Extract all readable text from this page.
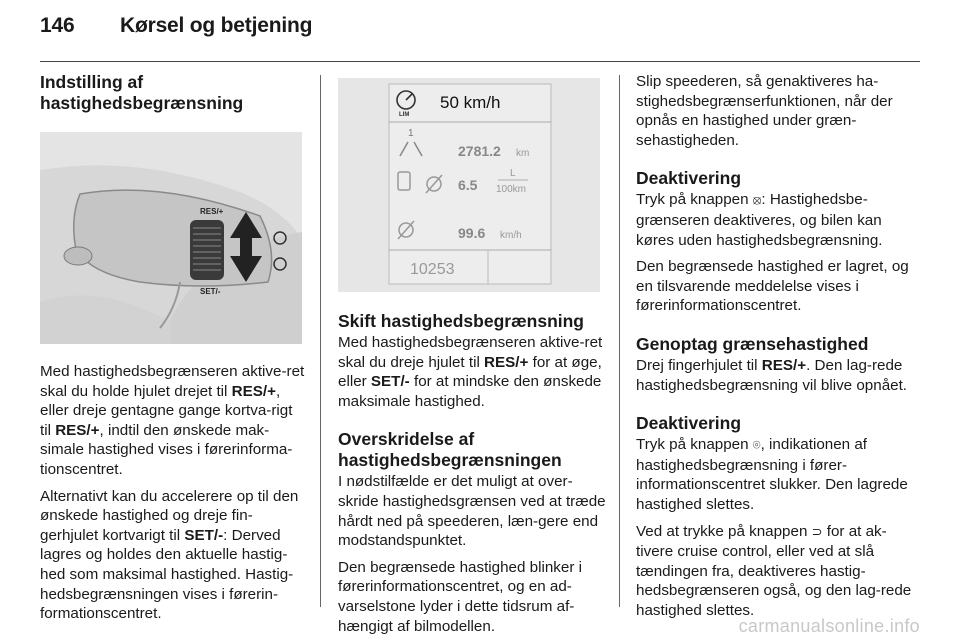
146 Kørsel og betjening
Indstilling af hastighedsbegrænsning
RES/+
SET/-

Med hastighedsbegrænseren aktive-ret skal du holde hjulet drejet til RES/+, eller dreje gentagne gange kortva-rigt til RES/+, indtil den ønskede mak-simale hastighed vises i førerinforma-tionscentret.

Alternativt kan du accelerere op til den ønskede hastighed og dreje fin-gerhjulet kortvarigt til SET/-: Derved lagres og holdes den aktuelle hastig-hed som maksimal hastighed. Hastig-hedsbegrænsningen vises i førerin-formationscentret.

LIM
50 km/h
1
2781.2 km
6.5
L
100km
99.6 km/h
10253
Skift hastighedsbegrænsning

Med hastighedsbegrænseren aktive-ret skal du dreje hjulet til RES/+ for at øge, eller SET/- for at mindske den ønskede maksimale hastighed.

Overskridelse af hastighedsbegrænsningen

I nødstilfælde er det muligt at over-skride hastighedsgrænsen ved at træde hårdt ned på speederen, læn-gere end modstandspunktet.

Den begrænsede hastighed blinker i førerinformationscentret, og en ad-varselstone lyder i dette tidsrum af-hængigt af bilmodellen.

Slip speederen, så genaktiveres ha-stighedsbegrænserfunktionen, når der opnås en hastighed under græn-sehastigheden.

Deaktivering

Tryk på knappen ⦻: Hastighedsbe-grænseren deaktiveres, og bilen kan køres uden hastighedsbegrænsning.

Den begrænsede hastighed er lagret, og en tilsvarende meddelelse vises i førerinformationscentret.

Genoptag grænsehastighed

Drej fingerhjulet til RES/+. Den lag-rede hastighedsbegrænsning vil blive opnået.

Deaktivering

Tryk på knappen ⌾, indikationen af hastighedsbegrænsning i fører-informationscentret slukker. Den lagrede hastighed slettes.

Ved at trykke på knappen ⊃ for at ak-tivere cruise control, eller ved at slå tændingen fra, deaktiveres hastig-hedsbegrænseren også, og den lag-rede hastighed slettes.

carmanualsonline.info
